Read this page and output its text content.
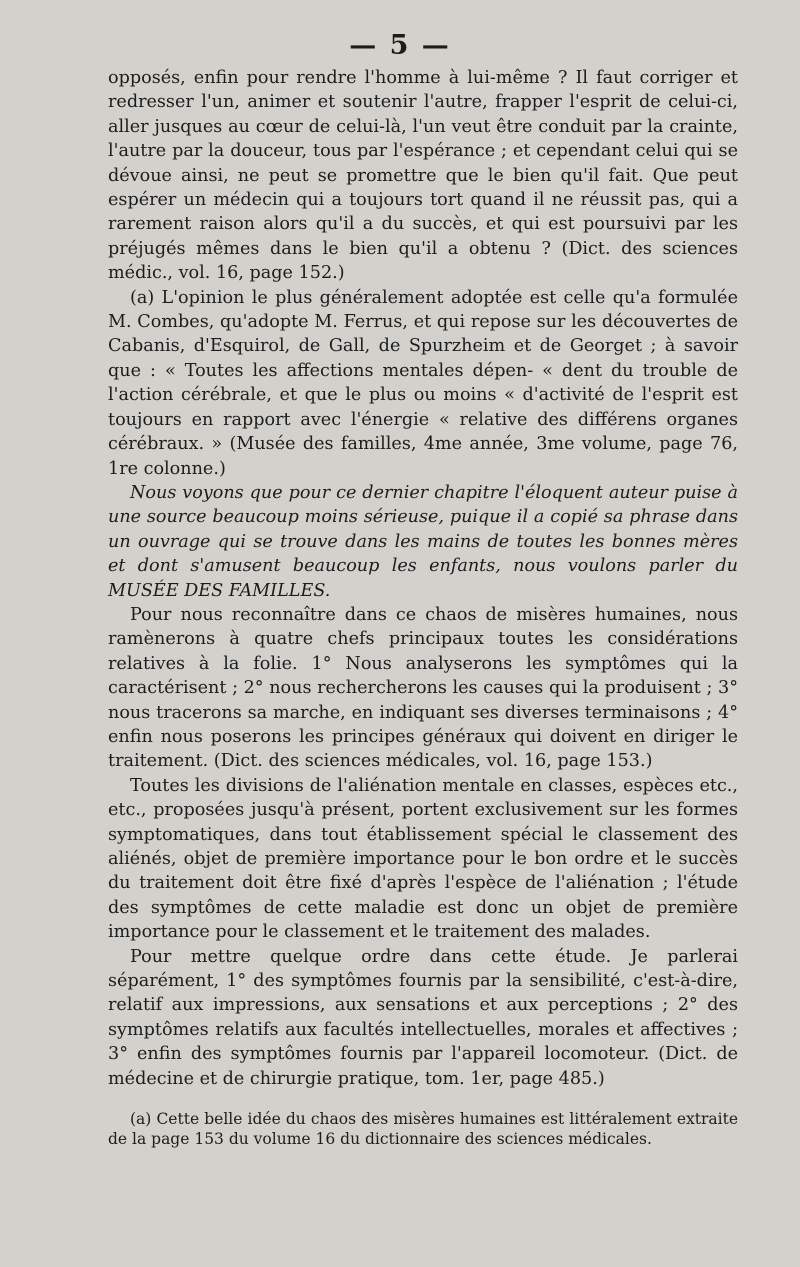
— 5 —

opposés, enfin pour rendre l'homme à lui-même ? Il faut corriger et redresser l'un, animer et soutenir l'autre, frapper l'esprit de celui-ci, aller jusques au cœur de celui-là, l'un veut être conduit par la crainte, l'autre par la douceur, tous par l'espérance ; et cependant celui qui se dévoue ainsi, ne peut se promettre que le bien qu'il fait. Que peut espérer un médecin qui a toujours tort quand il ne réussit pas, qui a rarement raison alors qu'il a du succès, et qui est poursuivi par les préjugés mêmes dans le bien qu'il a obtenu ? (Dict. des sciences médic., vol. 16, page 152.)

(a) L'opinion le plus généralement adoptée est celle qu'a formulée M. Combes, qu'adopte M. Ferrus, et qui repose sur les découvertes de Cabanis, d'Esquirol, de Gall, de Spurzheim et de Georget ; à savoir que : « Toutes les affections mentales dépen- « dent du trouble de l'action cérébrale, et que le plus ou moins « d'activité de l'esprit est toujours en rapport avec l'énergie « relative des différens organes cérébraux. » (Musée des familles, 4me année, 3me volume, page 76, 1re colonne.)

Nous voyons que pour ce dernier chapitre l'éloquent auteur puise à une source beaucoup moins sérieuse, puique il a copié sa phrase dans un ouvrage qui se trouve dans les mains de toutes les bonnes mères et dont s'amusent beaucoup les enfants, nous voulons parler du MUSÉE DES FAMILLES.

Pour nous reconnaître dans ce chaos de misères humaines, nous ramènerons à quatre chefs principaux toutes les considérations relatives à la folie. 1° Nous analyserons les symptômes qui la caractérisent ; 2° nous rechercherons les causes qui la produisent ; 3° nous tracerons sa marche, en indiquant ses diverses terminaisons ; 4° enfin nous poserons les principes généraux qui doivent en diriger le traitement. (Dict. des sciences médicales, vol. 16, page 153.)

Toutes les divisions de l'aliénation mentale en classes, espèces etc., etc., proposées jusqu'à présent, portent exclusivement sur les formes symptomatiques, dans tout établissement spécial le classement des aliénés, objet de première importance pour le bon ordre et le succès du traitement doit être fixé d'après l'espèce de l'aliénation ; l'étude des symptômes de cette maladie est donc un objet de première importance pour le classement et le traitement des malades.

Pour mettre quelque ordre dans cette étude. Je parlerai séparément, 1° des symptômes fournis par la sensibilité, c'est-à-dire, relatif aux impressions, aux sensations et aux perceptions ; 2° des symptômes relatifs aux facultés intellectuelles, morales et affectives ; 3° enfin des symptômes fournis par l'appareil locomoteur. (Dict. de médecine et de chirurgie pratique, tom. 1er, page 485.)

(a) Cette belle idée du chaos des misères humaines est littéralement extraite de la page 153 du volume 16 du dictionnaire des sciences médicales.
